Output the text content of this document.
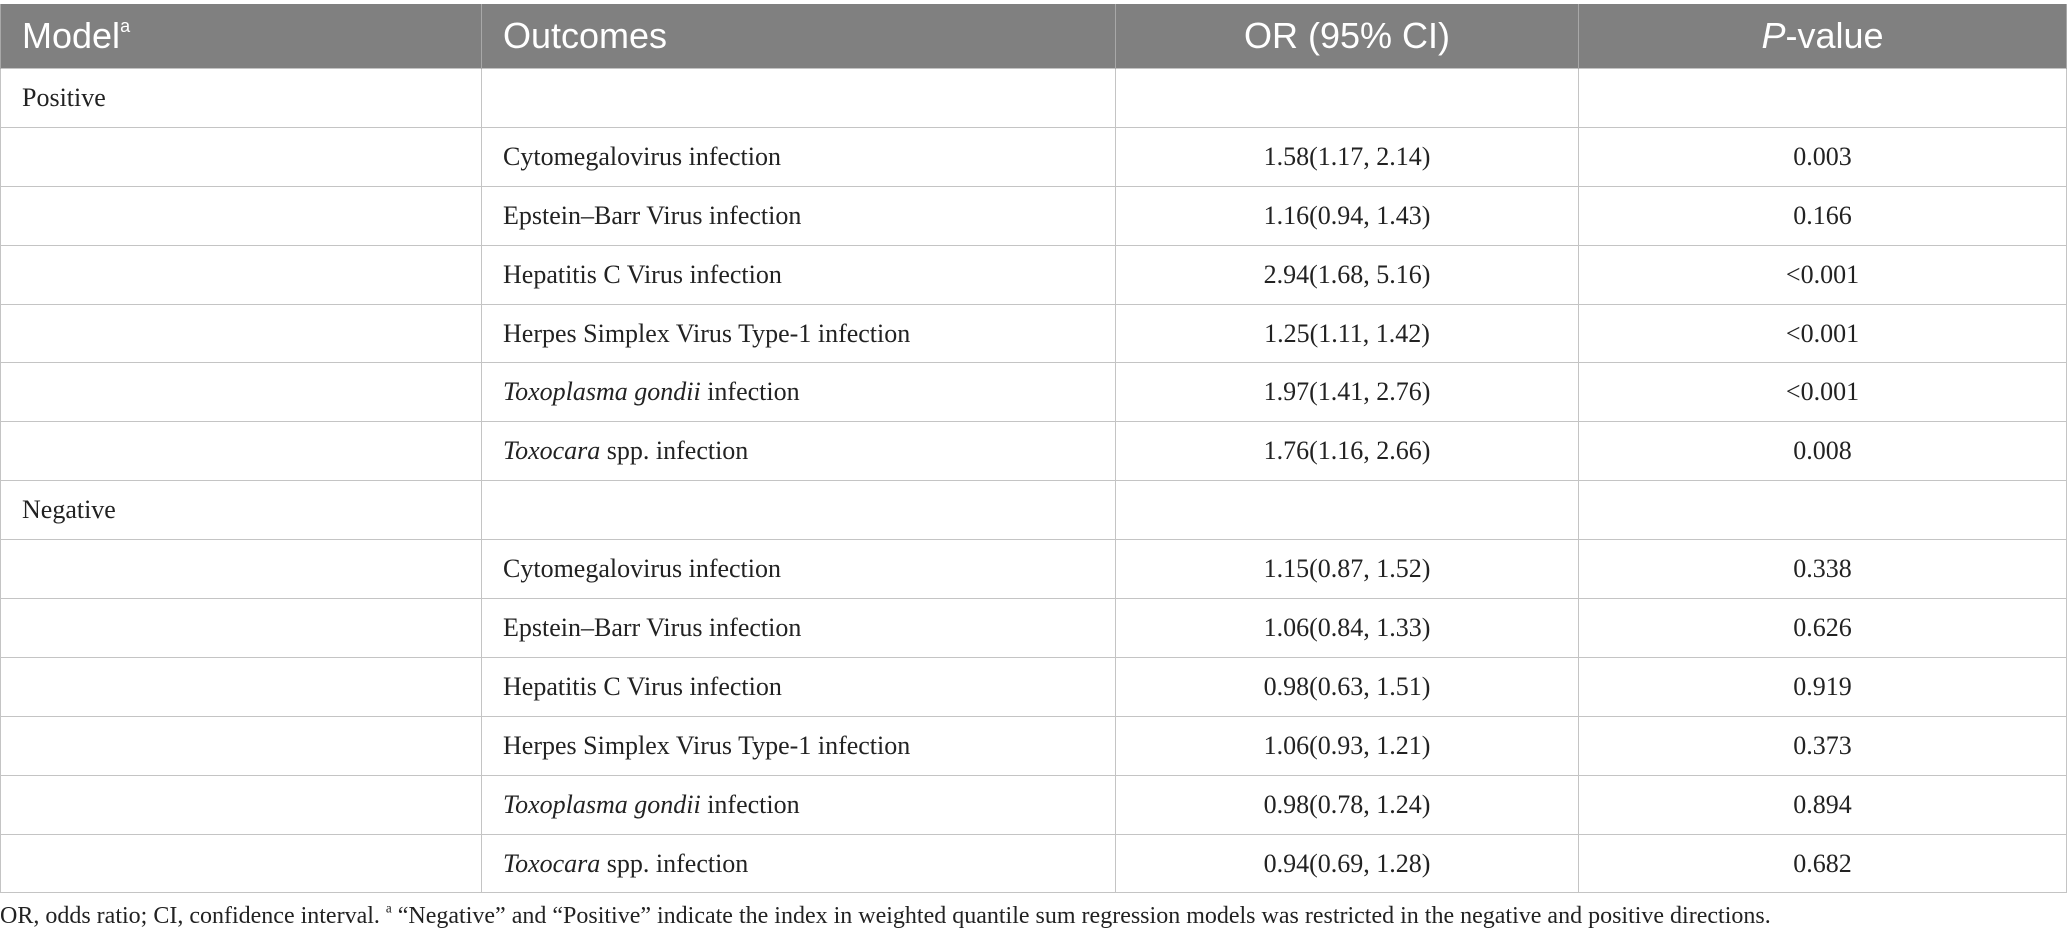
Model$^a$	Outcomes	OR (95% CI)	P-value
Positive			
	Cytomegalovirus infection	1.58(1.17, 2.14)	0.003
	Epstein–Barr Virus infection	1.16(0.94, 1.43)	0.166
	Hepatitis C Virus infection	2.94(1.68, 5.16)	<0.001
	Herpes Simplex Virus Type-1 infection	1.25(1.11, 1.42)	<0.001
	Toxoplasma gondii infection	1.97(1.41, 2.76)	<0.001
	Toxocara spp. infection	1.76(1.16, 2.66)	0.008
Negative			
	Cytomegalovirus infection	1.15(0.87, 1.52)	0.338
	Epstein–Barr Virus infection	1.06(0.84, 1.33)	0.626
	Hepatitis C Virus infection	0.98(0.63, 1.51)	0.919
	Herpes Simplex Virus Type-1 infection	1.06(0.93, 1.21)	0.373
	Toxoplasma gondii infection	0.98(0.78, 1.24)	0.894
	Toxocara spp. infection	0.94(0.69, 1.28)	0.682
OR, odds ratio; CI, confidence interval. $^a$ “Negative” and “Positive” indicate the index in weighted quantile sum regression models was restricted in the negative and positive directions.
